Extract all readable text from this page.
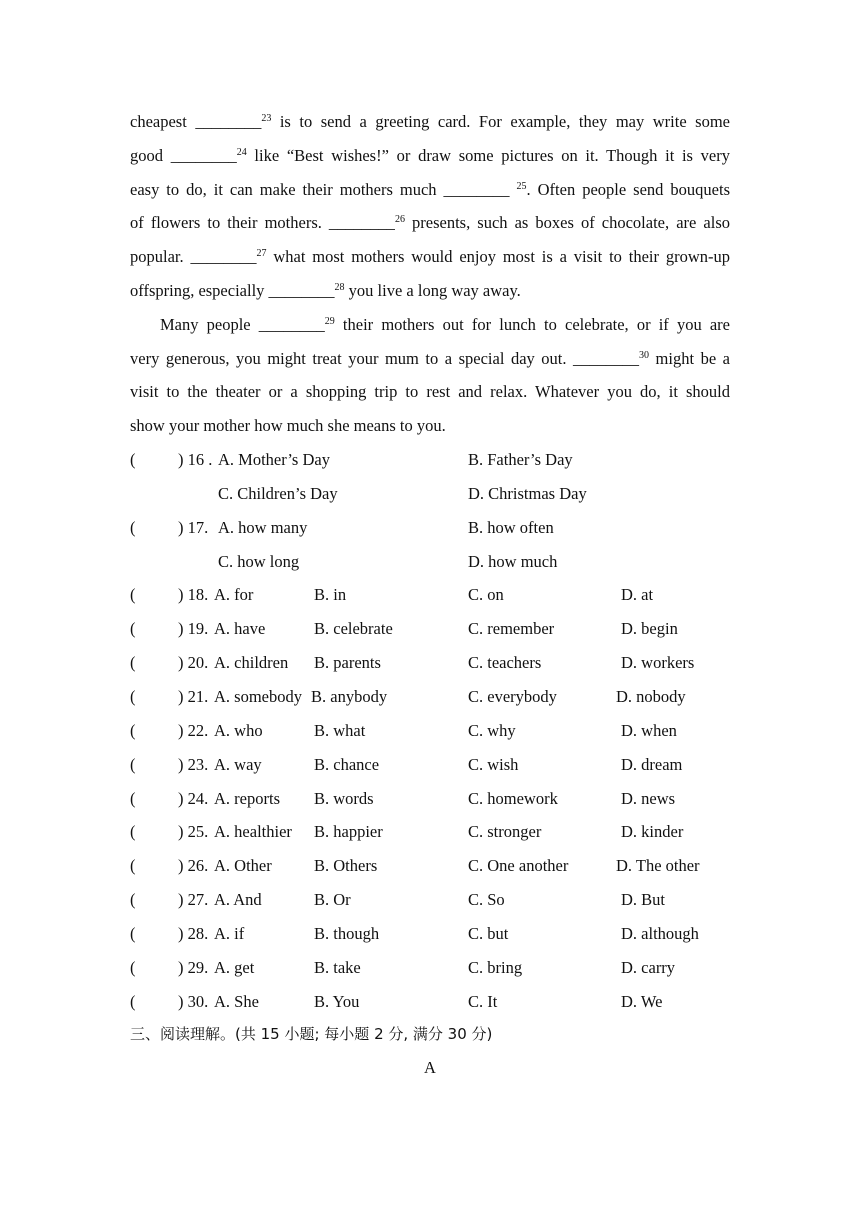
cheapest ________$^{23}$ is to send a greeting card. For example, they may write some
good ________$^{24}$ like “Best wishes!” or draw some pictures on it. Though it is very
easy to do, it can make their mothers much ________ $^{25}$. Often people send bouquets
of flowers to their mothers. ________$^{26}$ presents, such as boxes of chocolate, are also
popular. ________$^{27}$ what most mothers would enjoy most is a visit to their grown-up
offspring, especially ________$^{28}$ you live a long way away.
Many people ________$^{29}$ their mothers out for lunch to celebrate, or if you are
very generous, you might treat your mum to a special day out. ________$^{30}$ might be a
visit to the theater or a shopping trip to rest and relax. Whatever you do, it should
show your mother how much she means to you.
(	) 16 . A. Mother’s Day	B. Father’s Day
C. Children’s Day	D. Christmas Day
(	) 17. A. how many	B. how often
C. how long	D. how much
(	) 18. A. for	B. in	C. on	D. at
(	) 19. A. have	B. celebrate	C. remember	D. begin
(	) 20. A. children B. parents	C. teachers	D. workers
(	) 21. A. somebody B. anybody	C. everybody	D. nobody
(	) 22. A. who	B. what	C. why	D. when
(	) 23. A. way	B. chance	C. wish	D. dream
(	) 24. A. reports B. words	C. homework	D. news
(	) 25. A. healthier B. happier	C. stronger	D. kinder
(	) 26. A. Other	B. Others	C. One another	D. The other
(	) 27. A. And	B. Or	C. So	D. But
(	) 28. A. if	B. though	C. but	D. although
(	) 29. A. get	B. take	C. bring	D. carry
(	) 30. A. She	B. You	C. It	D. We
三、阅读理解。(共 15 小题; 每小题 2 分, 满分 30 分)
A
